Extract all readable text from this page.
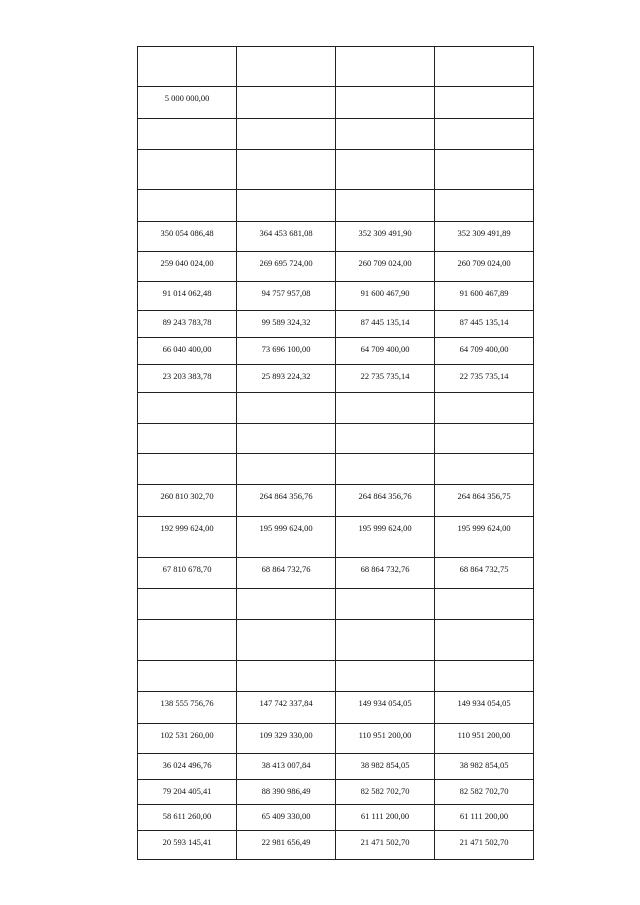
5 000 000,00			

350 054 086,48	364 453 681,08	352 309 491,90	352 309 491,89

259 040 024,00	269 695 724,00	260 709 024,00	260 709 024,00

91 014 062,48	94 757 957,08	91 600 467,90	91 600 467,89

89 243 783,78	99 589 324,32	87 445 135,14	87 445 135,14

66 040 400,00	73 696 100,00	64 709 400,00	64 709 400,00

23 203 383,78	25 893 224,32	22 735 735,14	22 735 735,14

260 810 302,70	264 864 356,76	264 864 356,76	264 864 356,75

192 999 624,00	195 999 624,00	195 999 624,00	195 999 624,00

67 810 678,70	68 864 732,76	68 864 732,76	68 864 732,75

138 555 756,76	147 742 337,84	149 934 054,05	149 934 054,05

102 531 260,00	109 329 330,00	110 951 200,00	110 951 200,00

36 024 496,76	38 413 007,84	38 982 854,05	38 982 854,05

79 204 405,41	88 390 986,49	82 582 702,70	82 582 702,70

58 611 260,00	65 409 330,00	61 111 200,00	61 111 200,00

20 593 145,41	22 981 656,49	21 471 502,70	21 471 502,70
